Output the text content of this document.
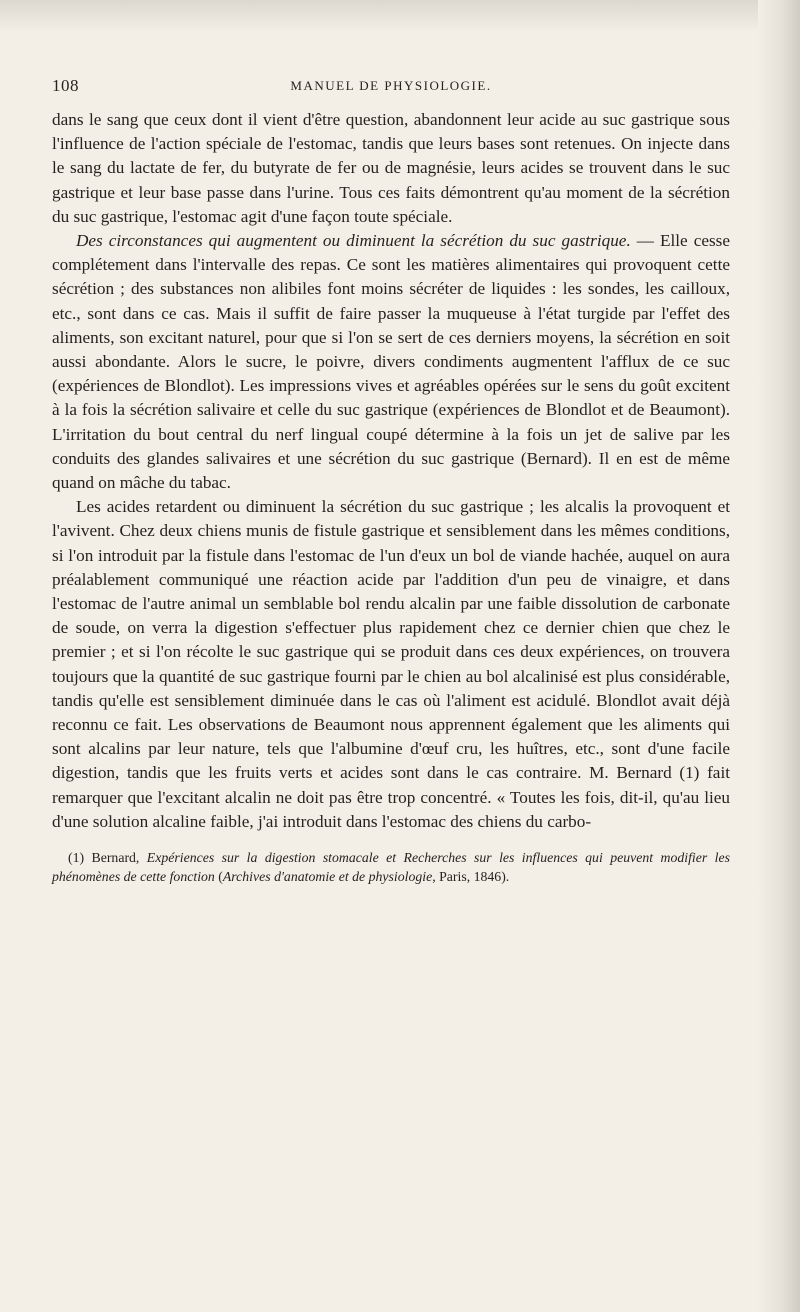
108	MANUEL DE PHYSIOLOGIE.

dans le sang que ceux dont il vient d'être question, abandonnent leur acide au suc gastrique sous l'influence de l'action spéciale de l'estomac, tandis que leurs bases sont retenues. On injecte dans le sang du lactate de fer, du butyrate de fer ou de magnésie, leurs acides se trouvent dans le suc gastrique et leur base passe dans l'urine. Tous ces faits démontrent qu'au moment de la sécrétion du suc gastrique, l'estomac agit d'une façon toute spéciale.

Des circonstances qui augmentent ou diminuent la sécrétion du suc gastrique. — Elle cesse complétement dans l'intervalle des repas. Ce sont les matières alimentaires qui provoquent cette sécrétion ; des substances non alibiles font moins sécréter de liquides : les sondes, les cailloux, etc., sont dans ce cas. Mais il suffit de faire passer la muqueuse à l'état turgide par l'effet des aliments, son excitant naturel, pour que si l'on se sert de ces derniers moyens, la sécrétion en soit aussi abondante. Alors le sucre, le poivre, divers condiments augmentent l'afflux de ce suc (expériences de Blondlot). Les impressions vives et agréables opérées sur le sens du goût excitent à la fois la sécrétion salivaire et celle du suc gastrique (expériences de Blondlot et de Beaumont). L'irritation du bout central du nerf lingual coupé détermine à la fois un jet de salive par les conduits des glandes salivaires et une sécrétion du suc gastrique (Bernard). Il en est de même quand on mâche du tabac.

Les acides retardent ou diminuent la sécrétion du suc gastrique ; les alcalis la provoquent et l'avivent. Chez deux chiens munis de fistule gastrique et sensiblement dans les mêmes conditions, si l'on introduit par la fistule dans l'estomac de l'un d'eux un bol de viande hachée, auquel on aura préalablement communiqué une réaction acide par l'addition d'un peu de vinaigre, et dans l'estomac de l'autre animal un semblable bol rendu alcalin par une faible dissolution de carbonate de soude, on verra la digestion s'effectuer plus rapidement chez ce dernier chien que chez le premier ; et si l'on récolte le suc gastrique qui se produit dans ces deux expériences, on trouvera toujours que la quantité de suc gastrique fourni par le chien au bol alcalinisé est plus considérable, tandis qu'elle est sensiblement diminuée dans le cas où l'aliment est acidulé. Blondlot avait déjà reconnu ce fait. Les observations de Beaumont nous apprennent également que les aliments qui sont alcalins par leur nature, tels que l'albumine d'œuf cru, les huîtres, etc., sont d'une facile digestion, tandis que les fruits verts et acides sont dans le cas contraire. M. Bernard (1) fait remarquer que l'excitant alcalin ne doit pas être trop concentré. « Toutes les fois, dit-il, qu'au lieu d'une solution alcaline faible, j'ai introduit dans l'estomac des chiens du carbo-

(1) Bernard, Expériences sur la digestion stomacale et Recherches sur les influences qui peuvent modifier les phénomènes de cette fonction (Archives d'anatomie et de physiologie, Paris, 1846).
